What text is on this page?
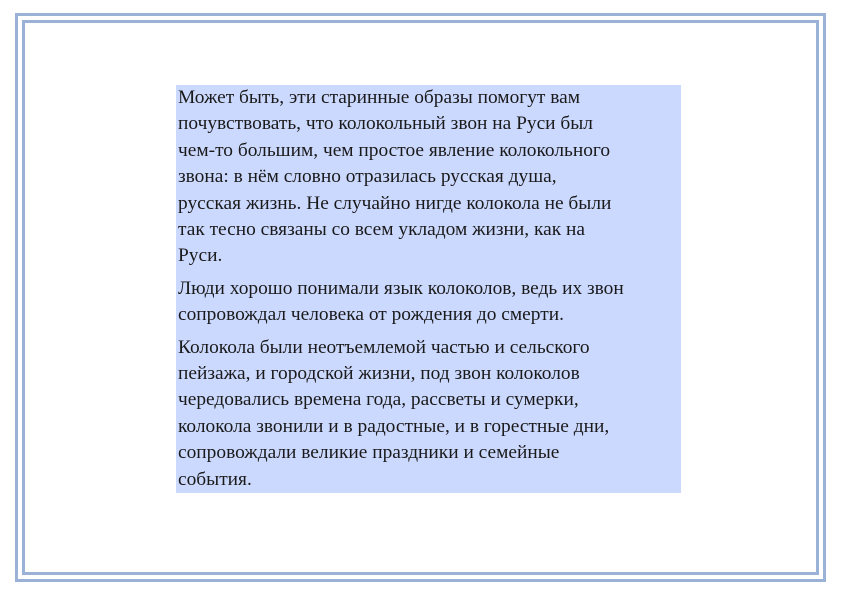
Может быть, эти старинные образы помогут вам
почувствовать, что колокольный звон на Руси был
чем-то большим, чем простое явление колокольного
звона: в нём словно отразилась русская душа,
русская жизнь. Не случайно нигде колокола не были
так тесно связаны со всем укладом жизни, как на
Руси.

Люди хорошо понимали язык колоколов, ведь их звон
сопровождал человека от рождения до смерти.

Колокола были неотъемлемой частью и сельского
пейзажа, и городской жизни, под звон колоколов
чередовались времена года, рассветы и сумерки,
колокола звонили и в радостные, и в горестные дни,
сопровождали великие праздники и семейные
события.
